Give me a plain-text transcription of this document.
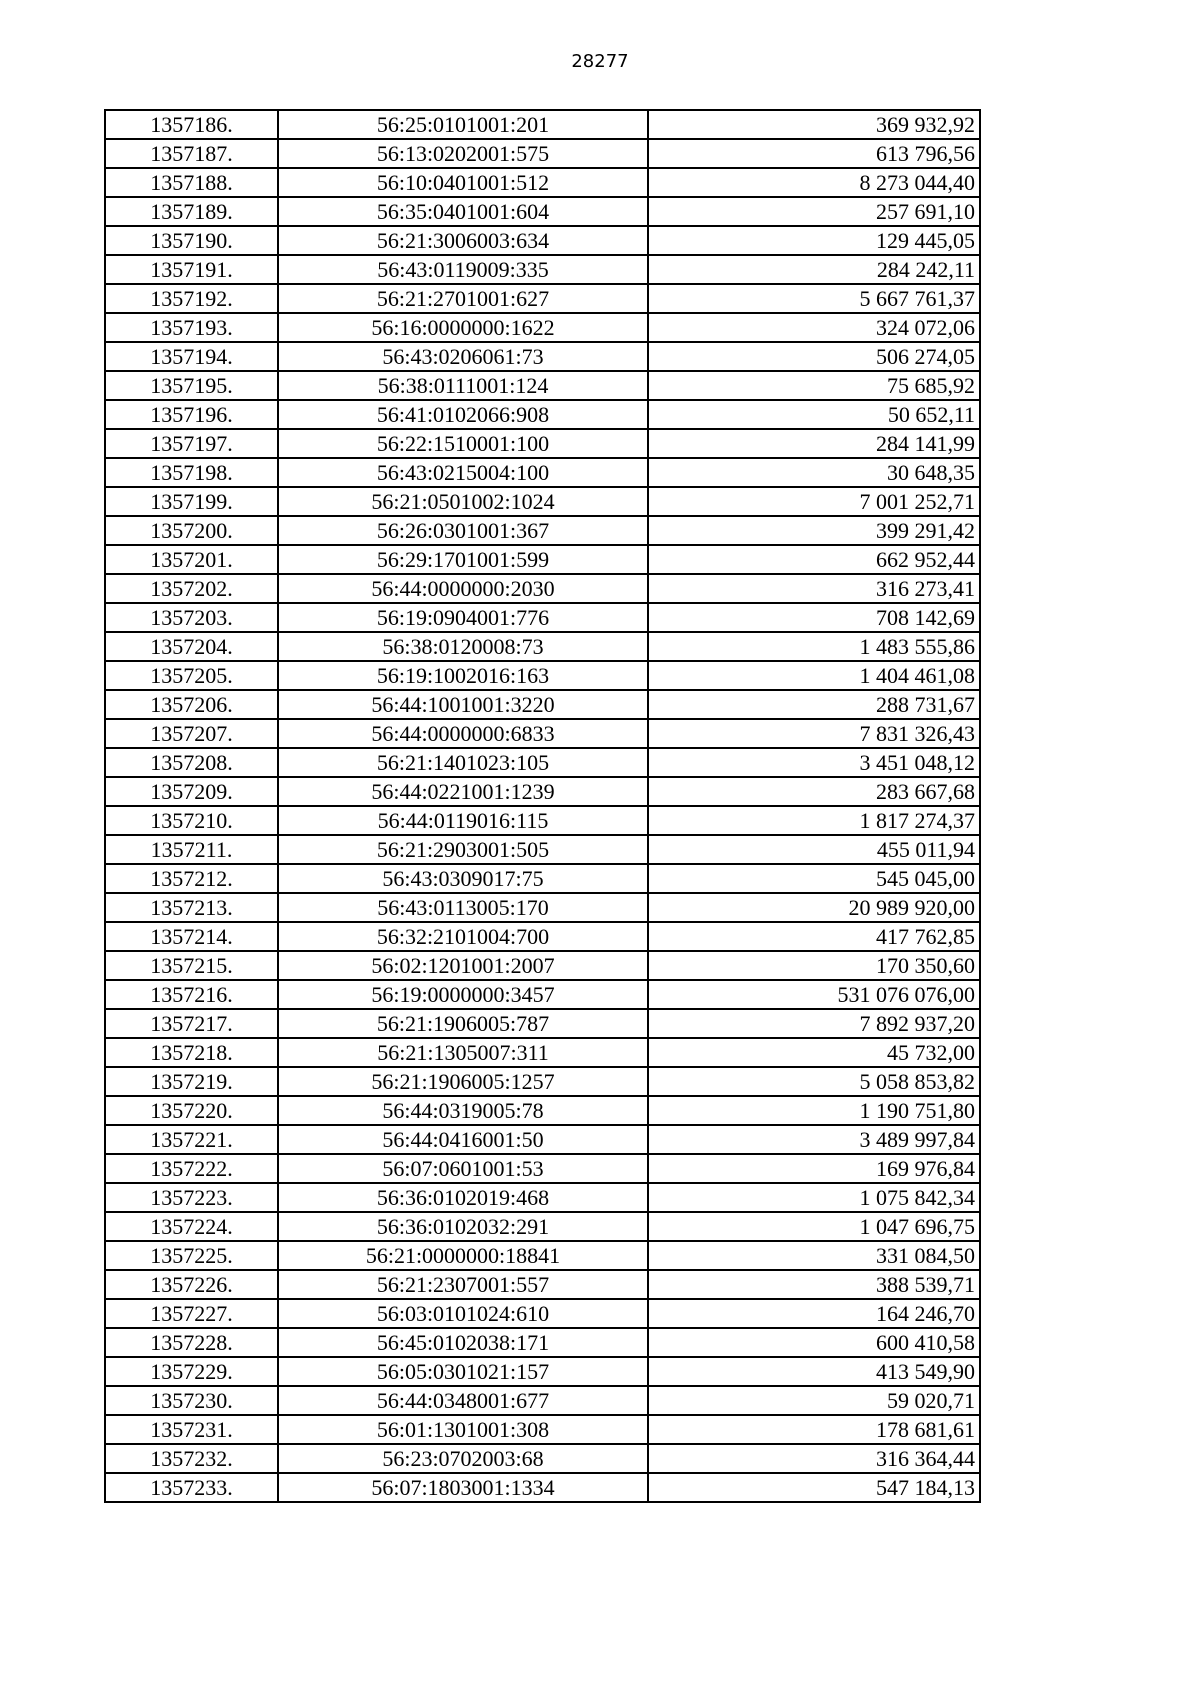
28277
1357186.	56:25:0101001:201	369 932,92
1357187.	56:13:0202001:575	613 796,56
1357188.	56:10:0401001:512	8 273 044,40
1357189.	56:35:0401001:604	257 691,10
1357190.	56:21:3006003:634	129 445,05
1357191.	56:43:0119009:335	284 242,11
1357192.	56:21:2701001:627	5 667 761,37
1357193.	56:16:0000000:1622	324 072,06
1357194.	56:43:0206061:73	506 274,05
1357195.	56:38:0111001:124	75 685,92
1357196.	56:41:0102066:908	50 652,11
1357197.	56:22:1510001:100	284 141,99
1357198.	56:43:0215004:100	30 648,35
1357199.	56:21:0501002:1024	7 001 252,71
1357200.	56:26:0301001:367	399 291,42
1357201.	56:29:1701001:599	662 952,44
1357202.	56:44:0000000:2030	316 273,41
1357203.	56:19:0904001:776	708 142,69
1357204.	56:38:0120008:73	1 483 555,86
1357205.	56:19:1002016:163	1 404 461,08
1357206.	56:44:1001001:3220	288 731,67
1357207.	56:44:0000000:6833	7 831 326,43
1357208.	56:21:1401023:105	3 451 048,12
1357209.	56:44:0221001:1239	283 667,68
1357210.	56:44:0119016:115	1 817 274,37
1357211.	56:21:2903001:505	455 011,94
1357212.	56:43:0309017:75	545 045,00
1357213.	56:43:0113005:170	20 989 920,00
1357214.	56:32:2101004:700	417 762,85
1357215.	56:02:1201001:2007	170 350,60
1357216.	56:19:0000000:3457	531 076 076,00
1357217.	56:21:1906005:787	7 892 937,20
1357218.	56:21:1305007:311	45 732,00
1357219.	56:21:1906005:1257	5 058 853,82
1357220.	56:44:0319005:78	1 190 751,80
1357221.	56:44:0416001:50	3 489 997,84
1357222.	56:07:0601001:53	169 976,84
1357223.	56:36:0102019:468	1 075 842,34
1357224.	56:36:0102032:291	1 047 696,75
1357225.	56:21:0000000:18841	331 084,50
1357226.	56:21:2307001:557	388 539,71
1357227.	56:03:0101024:610	164 246,70
1357228.	56:45:0102038:171	600 410,58
1357229.	56:05:0301021:157	413 549,90
1357230.	56:44:0348001:677	59 020,71
1357231.	56:01:1301001:308	178 681,61
1357232.	56:23:0702003:68	316 364,44
1357233.	56:07:1803001:1334	547 184,13
